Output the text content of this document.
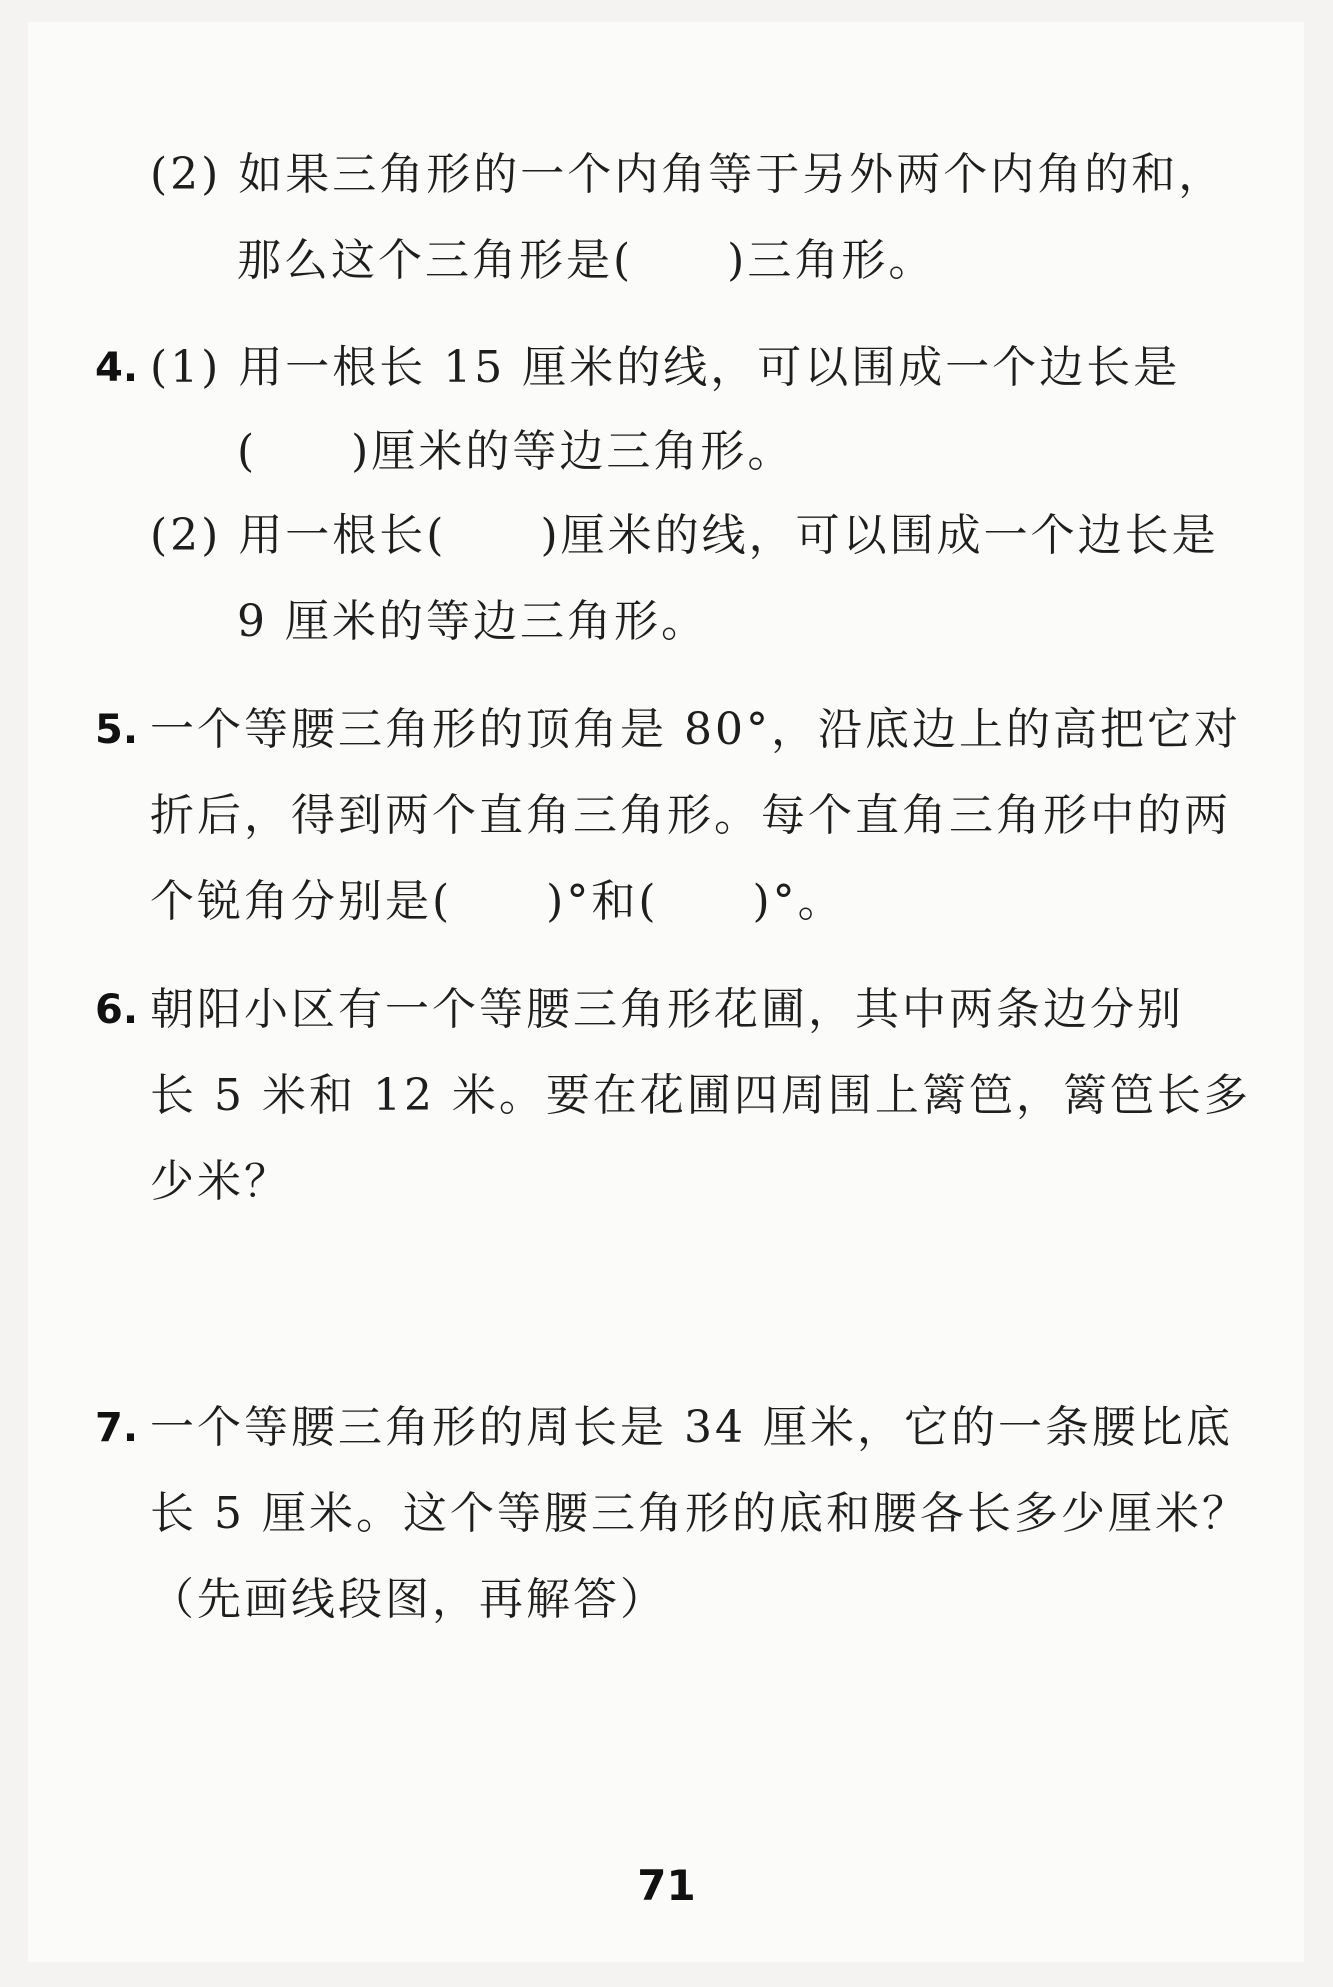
(2) 如果三角形的一个内角等于另外两个内角的和，
那么这个三角形是(　　)三角形。
4. (1) 用一根长 15 厘米的线，可以围成一个边长是
(　　)厘米的等边三角形。
(2) 用一根长(　　)厘米的线，可以围成一个边长是
9 厘米的等边三角形。
5. 一个等腰三角形的顶角是 80°，沿底边上的高把它对
折后，得到两个直角三角形。每个直角三角形中的两
个锐角分别是(　　)°和(　　)°。
6. 朝阳小区有一个等腰三角形花圃，其中两条边分别
长 5 米和 12 米。要在花圃四周围上篱笆，篱笆长多
少米？
7. 一个等腰三角形的周长是 34 厘米，它的一条腰比底
长 5 厘米。这个等腰三角形的底和腰各长多少厘米？
（先画线段图，再解答）
71
